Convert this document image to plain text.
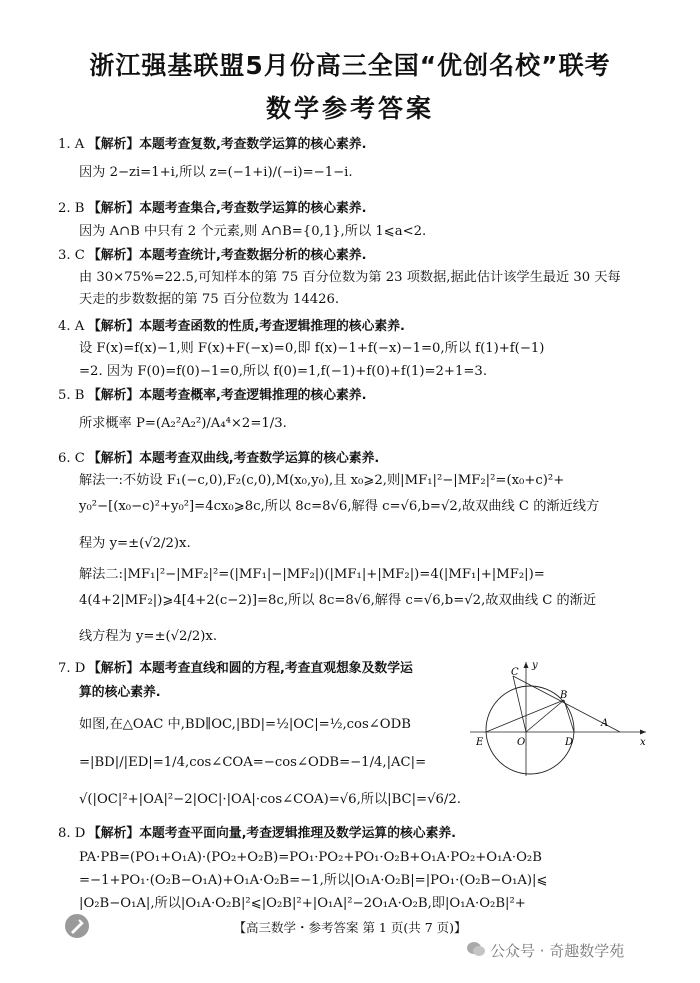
浙江强基联盟5月份高三全国“优创名校”联考
数学参考答案
1. A 【解析】本题考查复数,考查数学运算的核心素养.
因为 2−zi=1+i,所以 z=(−1+i)/(−i)=−1−i.
2. B 【解析】本题考查集合,考查数学运算的核心素养.
因为 A∩B 中只有 2 个元素,则 A∩B={0,1},所以 1⩽a<2.
3. C 【解析】本题考查统计,考查数据分析的核心素养.
由 30×75%=22.5,可知样本的第 75 百分位数为第 23 项数据,据此估计该学生最近 30 天每
天走的步数数据的第 75 百分位数为 14426.
4. A 【解析】本题考查函数的性质,考查逻辑推理的核心素养.
设 F(x)=f(x)−1,则 F(x)+F(−x)=0,即 f(x)−1+f(−x)−1=0,所以 f(1)+f(−1)
=2. 因为 F(0)=f(0)−1=0,所以 f(0)=1,f(−1)+f(0)+f(1)=2+1=3.
5. B 【解析】本题考查概率,考查逻辑推理的核心素养.
所求概率 P=(A₂²A₂²)/A₄⁴×2=1/3.
6. C 【解析】本题考查双曲线,考查数学运算的核心素养.
解法一:不妨设 F₁(−c,0),F₂(c,0),M(x₀,y₀),且 x₀⩾2,则|MF₁|²−|MF₂|²=(x₀+c)²+
y₀²−[(x₀−c)²+y₀²]=4cx₀⩾8c,所以 8c=8√6,解得 c=√6,b=√2,故双曲线 C 的渐近线方
程为 y=±(√2/2)x.
解法二:|MF₁|²−|MF₂|²=(|MF₁|−|MF₂|)(|MF₁|+|MF₂|)=4(|MF₁|+|MF₂|)=
4(4+2|MF₂|)⩾4[4+2(c−2)]=8c,所以 8c=8√6,解得 c=√6,b=√2,故双曲线 C 的渐近
线方程为 y=±(√2/2)x.
7. D 【解析】本题考查直线和圆的方程,考查直观想象及数学运
算的核心素养.
如图,在△OAC 中,BD∥OC,|BD|=½|OC|=½,cos∠ODB
=|BD|/|ED|=1/4,cos∠COA=−cos∠ODB=−1/4,|AC|=
√(|OC|²+|OA|²−2|OC|·|OA|·cos∠COA)=√6,所以|BC|=√6/2.
8. D 【解析】本题考查平面向量,考查逻辑推理及数学运算的核心素养.
PA·PB=(PO₁+O₁A)·(PO₂+O₂B)=PO₁·PO₂+PO₁·O₂B+O₁A·PO₂+O₁A·O₂B
=−1+PO₁·(O₂B−O₁A)+O₁A·O₂B=−1,所以|O₁A·O₂B|=|PO₁·(O₂B−O₁A)|⩽
|O₂B−O₁A|,所以|O₁A·O₂B|²⩽|O₂B|²+|O₁A|²−2O₁A·O₂B,即|O₁A·O₂B|²+
y
x
C
B
A
E	O	D
【高三数学・参考答案 第 1 页(共 7 页)】
公众号 · 奇趣数学苑
